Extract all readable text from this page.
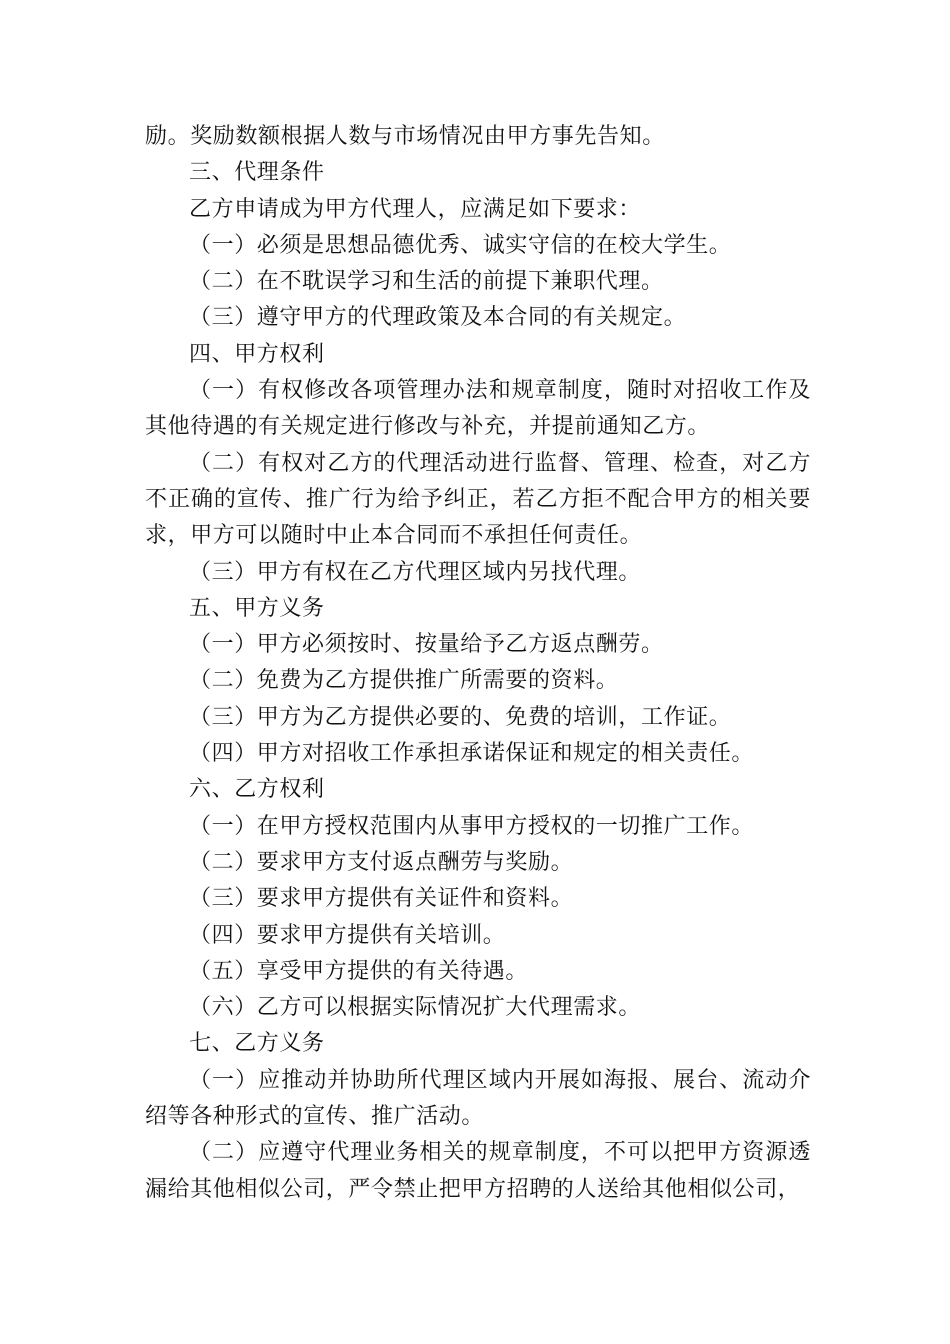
励。奖励数额根据人数与市场情况由甲方事先告知。

三、代理条件

乙方申请成为甲方代理人，应满足如下要求：

（一）必须是思想品德优秀、诚实守信的在校大学生。

（二）在不耽误学习和生活的前提下兼职代理。

（三）遵守甲方的代理政策及本合同的有关规定。

四、甲方权利

（一）有权修改各项管理办法和规章制度，随时对招收工作及其他待遇的有关规定进行修改与补充，并提前通知乙方。

（二）有权对乙方的代理活动进行监督、管理、检查，对乙方不正确的宣传、推广行为给予纠正，若乙方拒不配合甲方的相关要求，甲方可以随时中止本合同而不承担任何责任。

（三）甲方有权在乙方代理区域内另找代理。

五、甲方义务

（一）甲方必须按时、按量给予乙方返点酬劳。

（二）免费为乙方提供推广所需要的资料。

（三）甲方为乙方提供必要的、免费的培训，工作证。

（四）甲方对招收工作承担承诺保证和规定的相关责任。

六、乙方权利

（一）在甲方授权范围内从事甲方授权的一切推广工作。

（二）要求甲方支付返点酬劳与奖励。

（三）要求甲方提供有关证件和资料。

（四）要求甲方提供有关培训。

（五）享受甲方提供的有关待遇。

（六）乙方可以根据实际情况扩大代理需求。

七、乙方义务

（一）应推动并协助所代理区域内开展如海报、展台、流动介绍等各种形式的宣传、推广活动。

（二）应遵守代理业务相关的规章制度，不可以把甲方资源透漏给其他相似公司，严令禁止把甲方招聘的人送给其他相似公司，
